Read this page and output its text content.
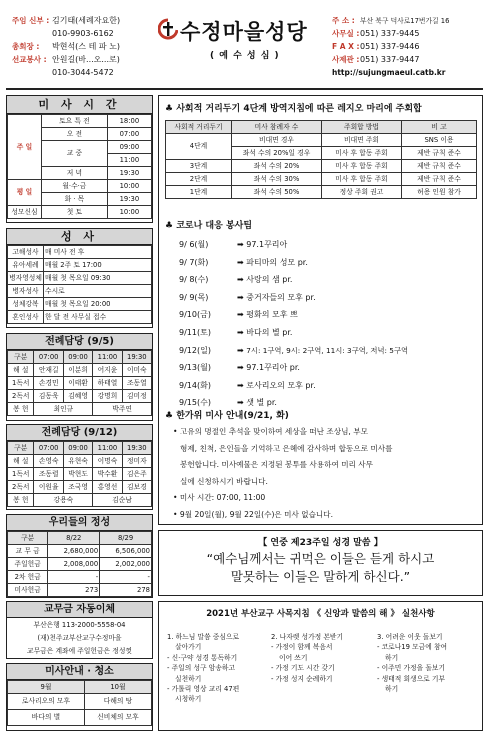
주임 신부 : 김기태(세례자요한)
010-9903-6162
총회장 : 박현석(스 테 파 노)
선교봉사 : 안원길(바...오...로)
010-3044-5472
수정마을성당
( 예 수 성 심 )
주 소 : 부산 북구 덕사로17번가길 16
사무실 :051) 337-9445
F A X :051) 337-9446
사제관 :051) 337-9447
http://sujungmaeul.catb.kr
미 사 시 간
주 일	토요 특 전	18:00
	오 전	07:00
	교 중	09:00
		11:00
	저 녁	19:30
평 일	월·수·금	10:00
	화 · 목	19:30
성모신심	첫 토	10:00
성 사
고해성사	매 미사 전 후
유아세례	매월 2주 토 17:00
병자영성체	매월 첫 목요일 09:30
병자성사	수시로
성체강복	매월 첫 목요일 20:00
혼인성사	한 달 전 사무실 접수
전례담당 (9/5)
구분	07:00	09:00	11:00	19:30
해 설	안재길	이분희	어지윤	이미숙
1독서	손경민	이태환	하태열	조동열
2독서	김동욱	김혜영	강명희	김미정
봉 헌	최인규		박주연	
전례담당 (9/12)
구분	07:00	09:00	11:00	19:30
해 설	손영숙	유현숙	이명숙	정미자
1독서	조동렬	박현도	박수환	김은주
2독서	이원율	조국영	홍영선	김보경
봉 헌	강용숙		김순남	
우리들의 정성
구분	8/22	8/29
교 무 금	2,680,000	6,506,000
주일헌금	2,008,000	2,002,000
2차 헌금	-	-
미사헌금	273	278
교무금 자동이체
부산은행 113-2000-5558-04
(재)천주교부산교구수정마을
교무금은 계좌에 주일헌금은 정성껏
미사안내 · 청소
9월	10월
로사리오의 모후	다해의 탕
바다의 별	신비체의 모후
♣ 사회적 거리두기 4단계 방역지침에 따른 레지오 마리에 주회합
사회적 거리두기	미사 참례자 수	주회합 방법	비 고
4단계	비대면 경우	비대면 주회	SNS 이용
	좌석 수의 20%일 경우	미사 후 합동 주회	제반 규칙 준수
3단계	좌석 수의 20%	미사 후 합동 주회	제반 규칙 준수
2단계	좌석 수의 30%	미사 후 합동 주회	제반 규칙 준수
1단계	좌석 수의 50%	정상 주회 권고	허용 인원 참가
♣ 코로나 대응 봉사팀
9/ 6(월)	➡ 97.1꾸리아
9/ 7(화)	➡ 파티마의 성모 pr.
9/ 8(수)	➡ 사랑의 샘 pr.
9/ 9(목)	➡ 중거자들의 모후 pr.
9/10(금)	➡ 평화의 모후 쁘
9/11(토)	➡ 바다의 별 pr.
9/12(일)	➡ 7시: 1구역, 9시: 2구역, 11시: 3구역, 저녁: 5구역
9/13(월)	➡ 97.1꾸리아 pr.
9/14(화)	➡ 로사리오의 모후 pr.
9/15(수)	➡ 샛 별 pr.
♣ 한가위 미사 안내(9/21, 화)
• 고유의 명절인 추석을 맞이하여 세상을 떠난 조상님, 부모
형제, 친척, 은인들을 기억하고 은혜에 감사하며 합동으로 미사를
봉헌합니다. 미사예물은 지정된 봉투를 사용하여 미리 사무
실에 신청하시기 바랍니다.
• 미사 시간: 07:00, 11:00
• 9월 20일(월), 9월 22일(수)은 미사 없습니다.
【 연중 제23주일 성경 말씀 】
“예수님께서는 귀먹은 이들은 듣게 하시고
말못하는 이들은 말하게 하신다.”
2021년 부산교구 사목지침 《 신앙과 말씀의 해 》 실천사항
1. 하느님 말씀 중심으로
살아가기
- 신·구약 성경 통독하기
- 주일의 성구 암송하고
실천하기
- 가톨릭 영상 교리 47편
시청하기
2. 나자렛 성가정 본받기
- 가정이 함께 복음서
이어 쓰기
- 가정 기도 시간 갖기
- 가정 성지 순례하기
3. 어려운 이웃 돌보기
- 코로나19 모금에 참여
하기
- 이주민 가정을 돌보기
- 생태적 회생으로 기부
하기
